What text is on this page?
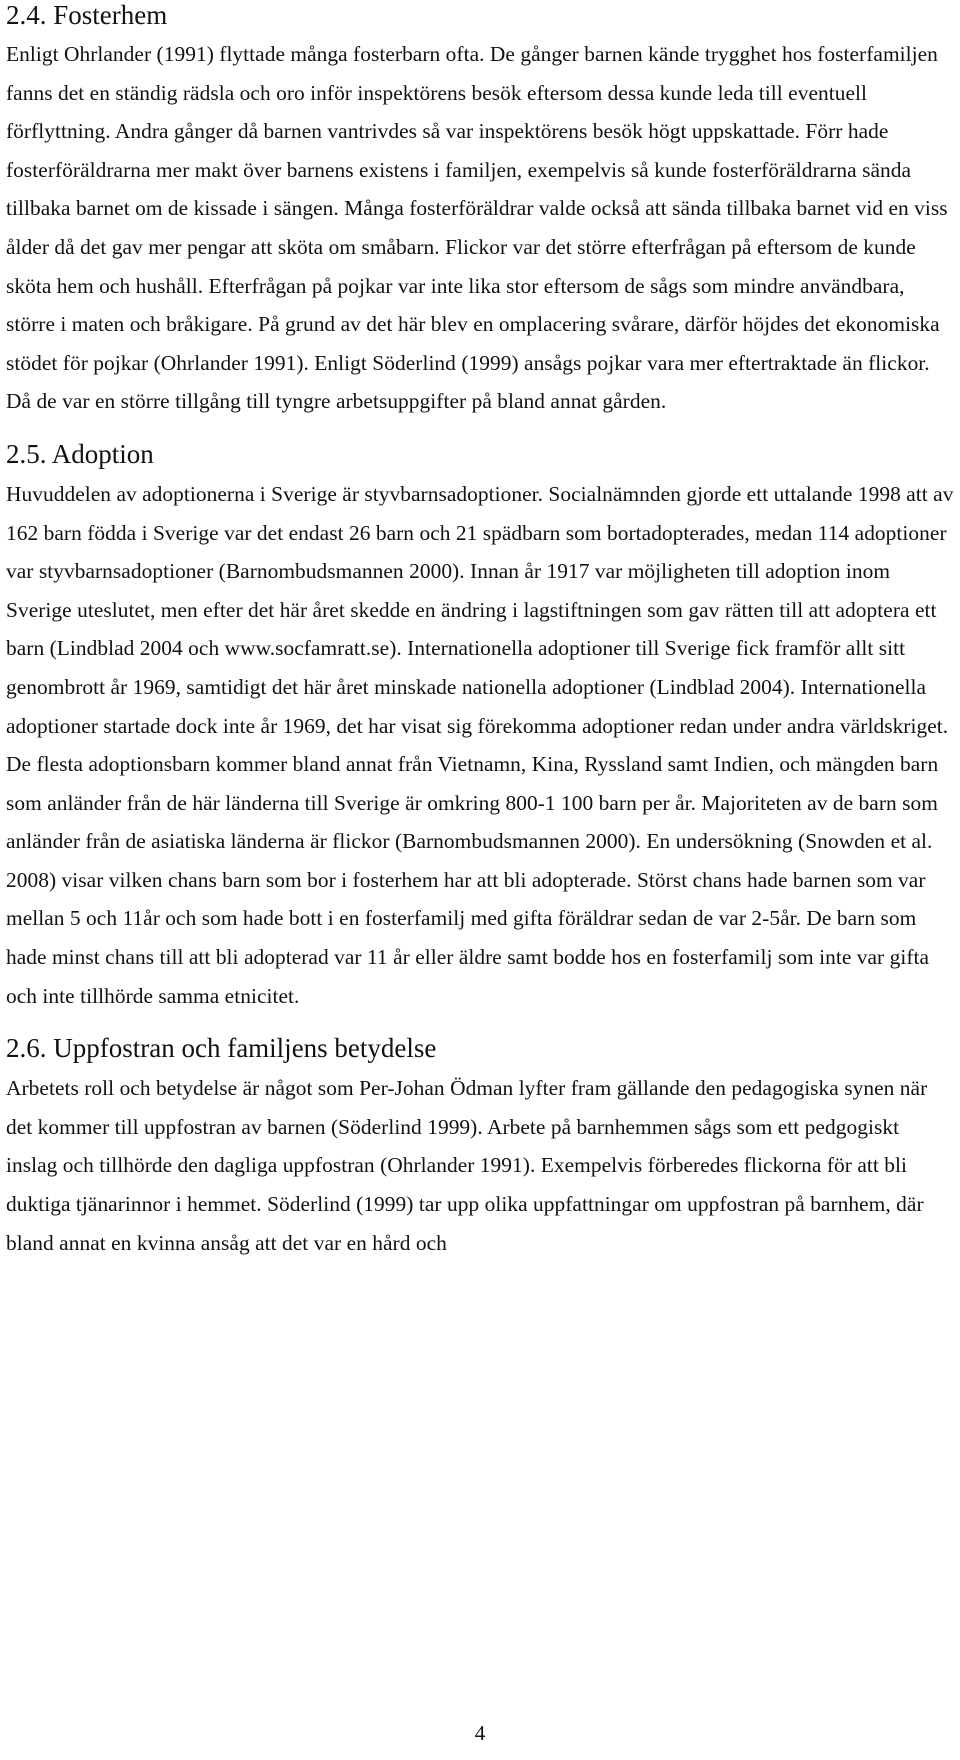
2.4. Fosterhem

Enligt Ohrlander (1991) flyttade många fosterbarn ofta. De gånger barnen kände trygghet hos fosterfamiljen fanns det en ständig rädsla och oro inför inspektörens besök eftersom dessa kunde leda till eventuell förflyttning. Andra gånger då barnen vantrivdes så var inspektörens besök högt uppskattade. Förr hade fosterföräldrarna mer makt över barnens existens i familjen, exempelvis så kunde fosterföräldrarna sända tillbaka barnet om de kissade i sängen. Många fosterföräldrar valde också att sända tillbaka barnet vid en viss ålder då det gav mer pengar att sköta om småbarn. Flickor var det större efterfrågan på eftersom de kunde sköta hem och hushåll. Efterfrågan på pojkar var inte lika stor eftersom de sågs som mindre användbara, större i maten och bråkigare. På grund av det här blev en omplacering svårare, därför höjdes det ekonomiska stödet för pojkar (Ohrlander 1991). Enligt Söderlind (1999) ansågs pojkar vara mer eftertraktade än flickor. Då de var en större tillgång till tyngre arbetsuppgifter på bland annat gården.

2.5. Adoption

Huvuddelen av adoptionerna i Sverige är styvbarnsadoptioner. Socialnämnden gjorde ett uttalande 1998 att av 162 barn födda i Sverige var det endast 26 barn och 21 spädbarn som bortadopterades, medan 114 adoptioner var styvbarnsadoptioner (Barnombudsmannen 2000). Innan år 1917 var möjligheten till adoption inom Sverige uteslutet, men efter det här året skedde en ändring i lagstiftningen som gav rätten till att adoptera ett barn (Lindblad 2004 och www.socfamratt.se). Internationella adoptioner till Sverige fick framför allt sitt genombrott år 1969, samtidigt det här året minskade nationella adoptioner (Lindblad 2004). Internationella adoptioner startade dock inte år 1969, det har visat sig förekomma adoptioner redan under andra världskriget. De flesta adoptionsbarn kommer bland annat från Vietnamn, Kina, Ryssland samt Indien, och mängden barn som anländer från de här länderna till Sverige är omkring 800-1 100 barn per år. Majoriteten av de barn som anländer från de asiatiska länderna är flickor (Barnombudsmannen 2000). En undersökning (Snowden et al. 2008) visar vilken chans barn som bor i fosterhem har att bli adopterade. Störst chans hade barnen som var mellan 5 och 11år och som hade bott i en fosterfamilj med gifta föräldrar sedan de var 2-5år. De barn som hade minst chans till att bli adopterad var 11 år eller äldre samt bodde hos en fosterfamilj som inte var gifta och inte tillhörde samma etnicitet.

2.6. Uppfostran och familjens betydelse

Arbetets roll och betydelse är något som Per-Johan Ödman lyfter fram gällande den pedagogiska synen när det kommer till uppfostran av barnen (Söderlind 1999). Arbete på barnhemmen sågs som ett pedgogiskt inslag och tillhörde den dagliga uppfostran (Ohrlander 1991). Exempelvis förberedes flickorna för att bli duktiga tjänarinnor i hemmet. Söderlind (1999) tar upp olika uppfattningar om uppfostran på barnhem, där bland annat en kvinna ansåg att det var en hård och

4
